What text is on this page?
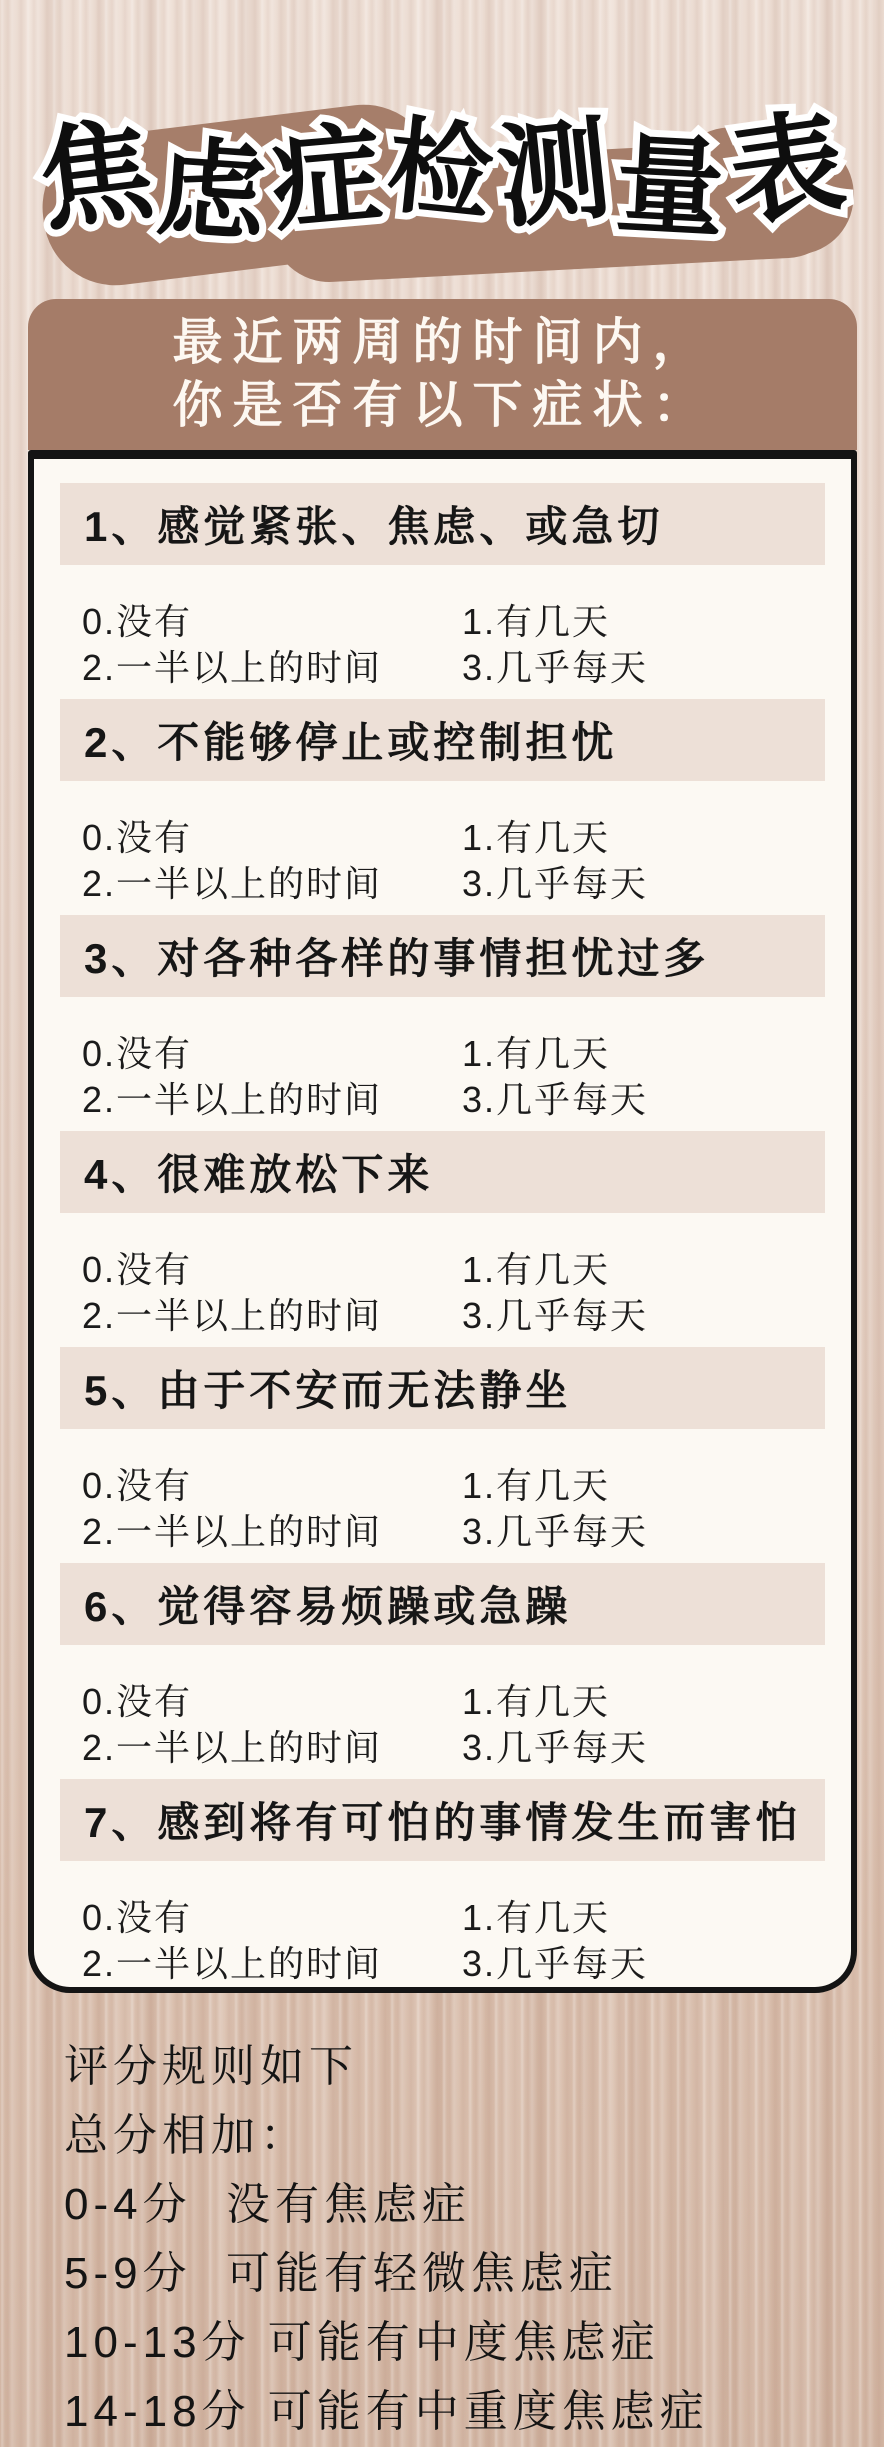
焦 焦虑 虑症 症检 检测 测量 量表 表
最近两周的时间内，
你是否有以下症状：
1、感觉紧张、焦虑、或急切
0.没有	1.有几天
2.一半以上的时间	3.几乎每天
2、不能够停止或控制担忧
0.没有	1.有几天
2.一半以上的时间	3.几乎每天
3、对各种各样的事情担忧过多
0.没有	1.有几天
2.一半以上的时间	3.几乎每天
4、很难放松下来
0.没有	1.有几天
2.一半以上的时间	3.几乎每天
5、由于不安而无法静坐
0.没有	1.有几天
2.一半以上的时间	3.几乎每天
6、觉得容易烦躁或急躁
0.没有	1.有几天
2.一半以上的时间	3.几乎每天
7、感到将有可怕的事情发生而害怕
0.没有	1.有几天
2.一半以上的时间	3.几乎每天
评分规则如下
总分相加：
0-4分  没有焦虑症
5-9分  可能有轻微焦虑症
10-13分 可能有中度焦虑症
14-18分 可能有中重度焦虑症
